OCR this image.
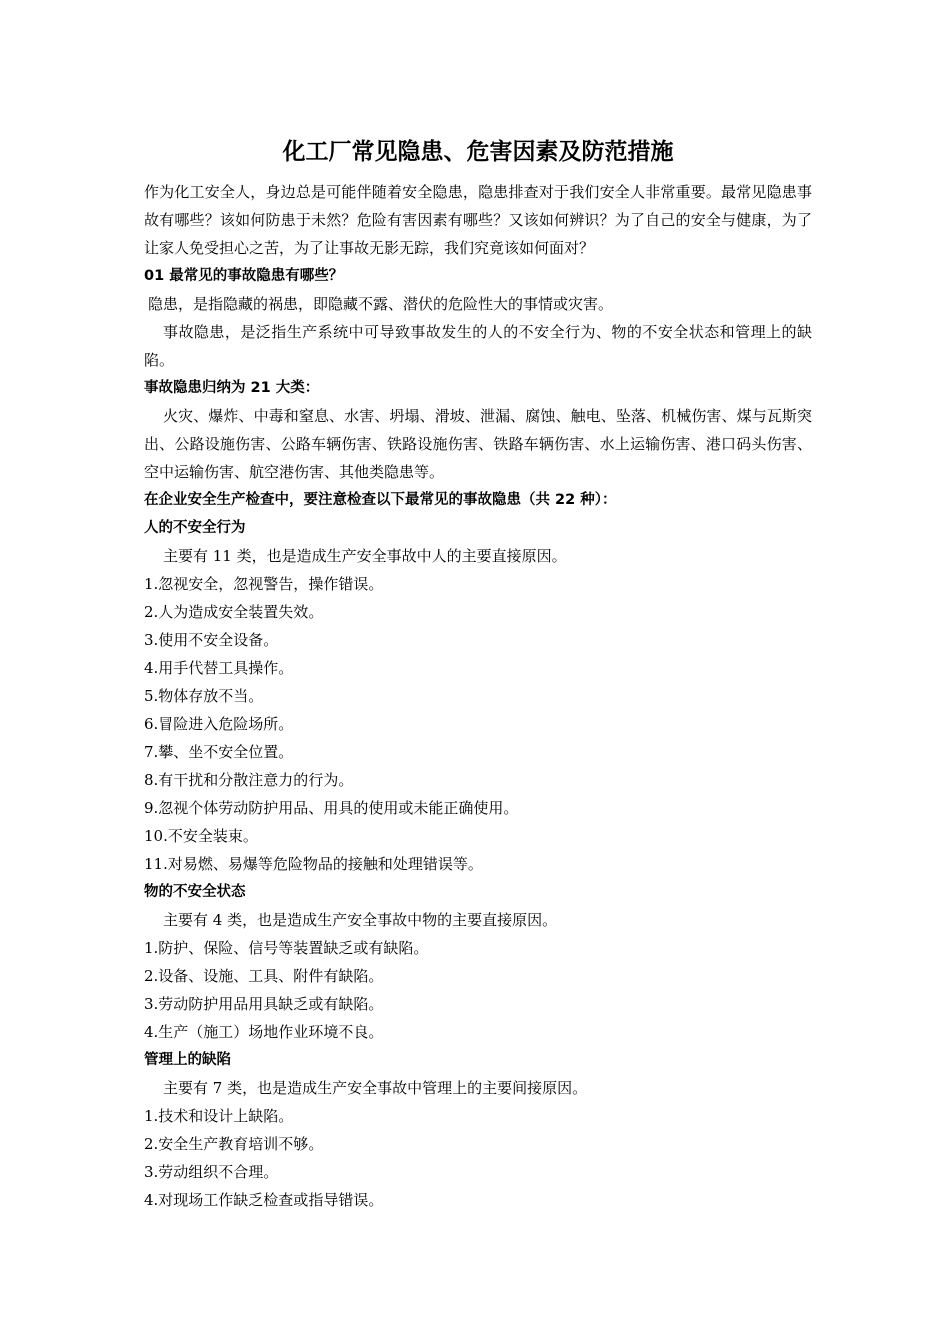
化工厂常见隐患、危害因素及防范措施

作为化工安全人，身边总是可能伴随着安全隐患，隐患排查对于我们安全人非常重要。最常见隐患事故有哪些？该如何防患于未然？危险有害因素有哪些？又该如何辨识？为了自己的安全与健康，为了让家人免受担心之苦，为了让事故无影无踪，我们究竟该如何面对？

01 最常见的事故隐患有哪些？

隐患，是指隐藏的祸患，即隐藏不露、潜伏的危险性大的事情或灾害。

事故隐患，是泛指生产系统中可导致事故发生的人的不安全行为、物的不安全状态和管理上的缺陷。

事故隐患归纳为 21 大类：

火灾、爆炸、中毒和窒息、水害、坍塌、滑坡、泄漏、腐蚀、触电、坠落、机械伤害、煤与瓦斯突出、公路设施伤害、公路车辆伤害、铁路设施伤害、铁路车辆伤害、水上运输伤害、港口码头伤害、空中运输伤害、航空港伤害、其他类隐患等。

在企业安全生产检查中，要注意检查以下最常见的事故隐患（共 22 种）：

人的不安全行为

主要有 11 类，也是造成生产安全事故中人的主要直接原因。

1.忽视安全，忽视警告，操作错误。
2.人为造成安全装置失效。
3.使用不安全设备。
4.用手代替工具操作。
5.物体存放不当。
6.冒险进入危险场所。
7.攀、坐不安全位置。
8.有干扰和分散注意力的行为。
9.忽视个体劳动防护用品、用具的使用或未能正确使用。
10.不安全装束。
11.对易燃、易爆等危险物品的接触和处理错误等。

物的不安全状态

主要有 4 类，也是造成生产安全事故中物的主要直接原因。

1.防护、保险、信号等装置缺乏或有缺陷。
2.设备、设施、工具、附件有缺陷。
3.劳动防护用品用具缺乏或有缺陷。
4.生产（施工）场地作业环境不良。

管理上的缺陷

主要有 7 类，也是造成生产安全事故中管理上的主要间接原因。

1.技术和设计上缺陷。
2.安全生产教育培训不够。
3.劳动组织不合理。
4.对现场工作缺乏检查或指导错误。
